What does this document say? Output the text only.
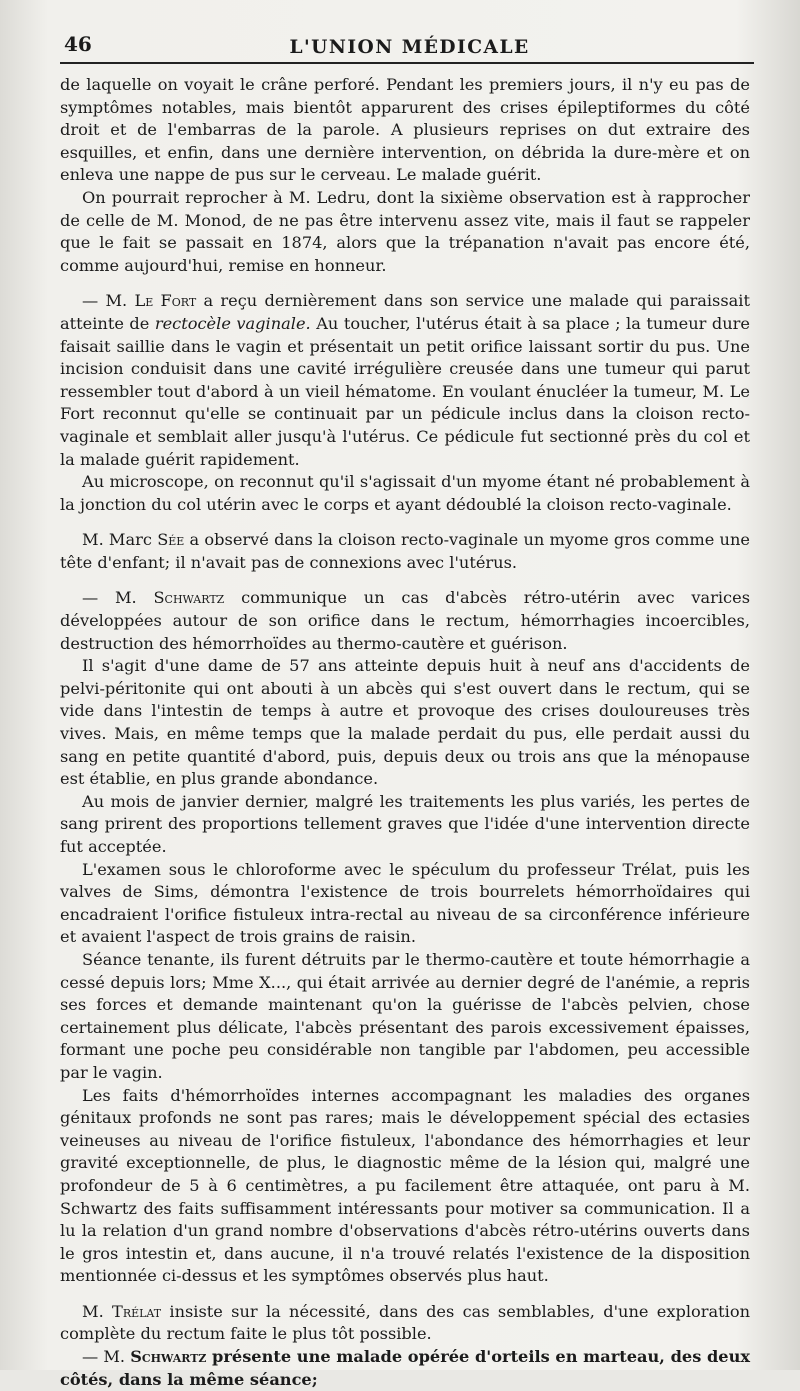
46	L'UNION MÉDICALE

de laquelle on voyait le crâne perforé. Pendant les premiers jours, il n'y eu pas de symptômes notables, mais bientôt apparurent des crises épileptiformes du côté droit et de l'embarras de la parole. A plusieurs reprises on dut extraire des esquilles, et enfin, dans une dernière intervention, on débrida la dure-mère et on enleva une nappe de pus sur le cerveau. Le malade guérit.

On pourrait reprocher à M. Ledru, dont la sixième observation est à rapprocher de celle de M. Monod, de ne pas être intervenu assez vite, mais il faut se rappeler que le fait se passait en 1874, alors que la trépanation n'avait pas encore été, comme aujourd'hui, remise en honneur.

— M. Le Fort a reçu dernièrement dans son service une malade qui paraissait atteinte de rectocèle vaginale. Au toucher, l'utérus était à sa place ; la tumeur dure faisait saillie dans le vagin et présentait un petit orifice laissant sortir du pus. Une incision conduisit dans une cavité irrégulière creusée dans une tumeur qui parut ressembler tout d'abord à un vieil hématome. En voulant énucléer la tumeur, M. Le Fort reconnut qu'elle se continuait par un pédicule inclus dans la cloison recto-vaginale et semblait aller jusqu'à l'utérus. Ce pédicule fut sectionné près du col et la malade guérit rapidement.

Au microscope, on reconnut qu'il s'agissait d'un myome étant né probablement à la jonction du col utérin avec le corps et ayant dédoublé la cloison recto-vaginale.

M. Marc Sée a observé dans la cloison recto-vaginale un myome gros comme une tête d'enfant; il n'avait pas de connexions avec l'utérus.

— M. Schwartz communique un cas d'abcès rétro-utérin avec varices développées autour de son orifice dans le rectum, hémorrhagies incoercibles, destruction des hémorrhoïdes au thermo-cautère et guérison.

Il s'agit d'une dame de 57 ans atteinte depuis huit à neuf ans d'accidents de pelvi-péritonite qui ont abouti à un abcès qui s'est ouvert dans le rectum, qui se vide dans l'intestin de temps à autre et provoque des crises douloureuses très vives. Mais, en même temps que la malade perdait du pus, elle perdait aussi du sang en petite quantité d'abord, puis, depuis deux ou trois ans que la ménopause est établie, en plus grande abondance.

Au mois de janvier dernier, malgré les traitements les plus variés, les pertes de sang prirent des proportions tellement graves que l'idée d'une intervention directe fut acceptée.

L'examen sous le chloroforme avec le spéculum du professeur Trélat, puis les valves de Sims, démontra l'existence de trois bourrelets hémorrhoïdaires qui encadraient l'orifice fistuleux intra-rectal au niveau de sa circonférence inférieure et avaient l'aspect de trois grains de raisin.

Séance tenante, ils furent détruits par le thermo-cautère et toute hémorrhagie a cessé depuis lors; Mme X..., qui était arrivée au dernier degré de l'anémie, a repris ses forces et demande maintenant qu'on la guérisse de l'abcès pelvien, chose certainement plus délicate, l'abcès présentant des parois excessivement épaisses, formant une poche peu considérable non tangible par l'abdomen, peu accessible par le vagin.

Les faits d'hémorrhoïdes internes accompagnant les maladies des organes génitaux profonds ne sont pas rares; mais le développement spécial des ectasies veineuses au niveau de l'orifice fistuleux, l'abondance des hémorrhagies et leur gravité exceptionnelle, de plus, le diagnostic même de la lésion qui, malgré une profondeur de 5 à 6 centimètres, a pu facilement être attaquée, ont paru à M. Schwartz des faits suffisamment intéressants pour motiver sa communication. Il a lu la relation d'un grand nombre d'observations d'abcès rétro-utérins ouverts dans le gros intestin et, dans aucune, il n'a trouvé relatés l'existence de la disposition mentionnée ci-dessus et les symptômes observés plus haut.

M. Trélat insiste sur la nécessité, dans des cas semblables, d'une exploration complète du rectum faite le plus tôt possible.

— M. Schwartz présente une malade opérée d'orteils en marteau, des deux côtés, dans la même séance;
